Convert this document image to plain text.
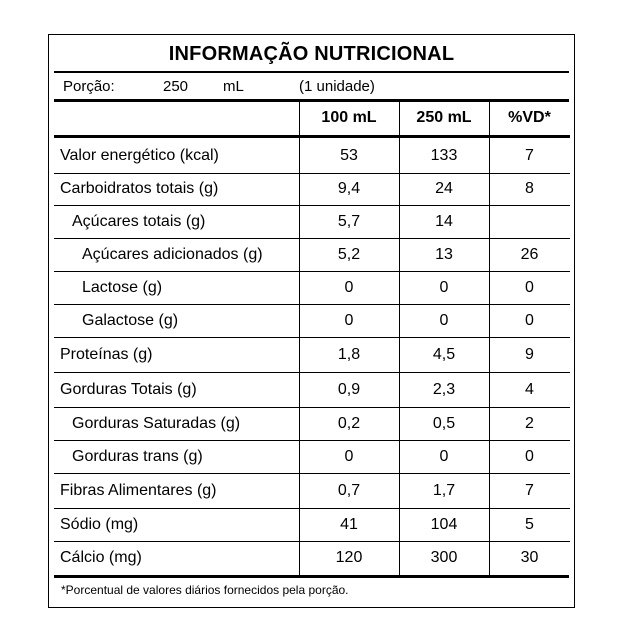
INFORMAÇÃO NUTRICIONAL
Porção:	250 mL	(1 unidade)
100 mL	250 mL	%VD*
Valor energético (kcal)	53	133	7
Carboidratos totais (g)	9,4	24	8
Açúcares totais (g)	5,7	14
Açúcares adicionados (g)	5,2	13	26
Lactose (g)	0	0	0
Galactose (g)	0	0	0
Proteínas (g)	1,8	4,5	9
Gorduras Totais (g)	0,9	2,3	4
Gorduras Saturadas (g)	0,2	0,5	2
Gorduras trans (g)	0	0	0
Fibras Alimentares (g)	0,7	1,7	7
Sódio (mg)	41	104	5
Cálcio (mg)	120	300	30
*Porcentual de valores diários fornecidos pela porção.
